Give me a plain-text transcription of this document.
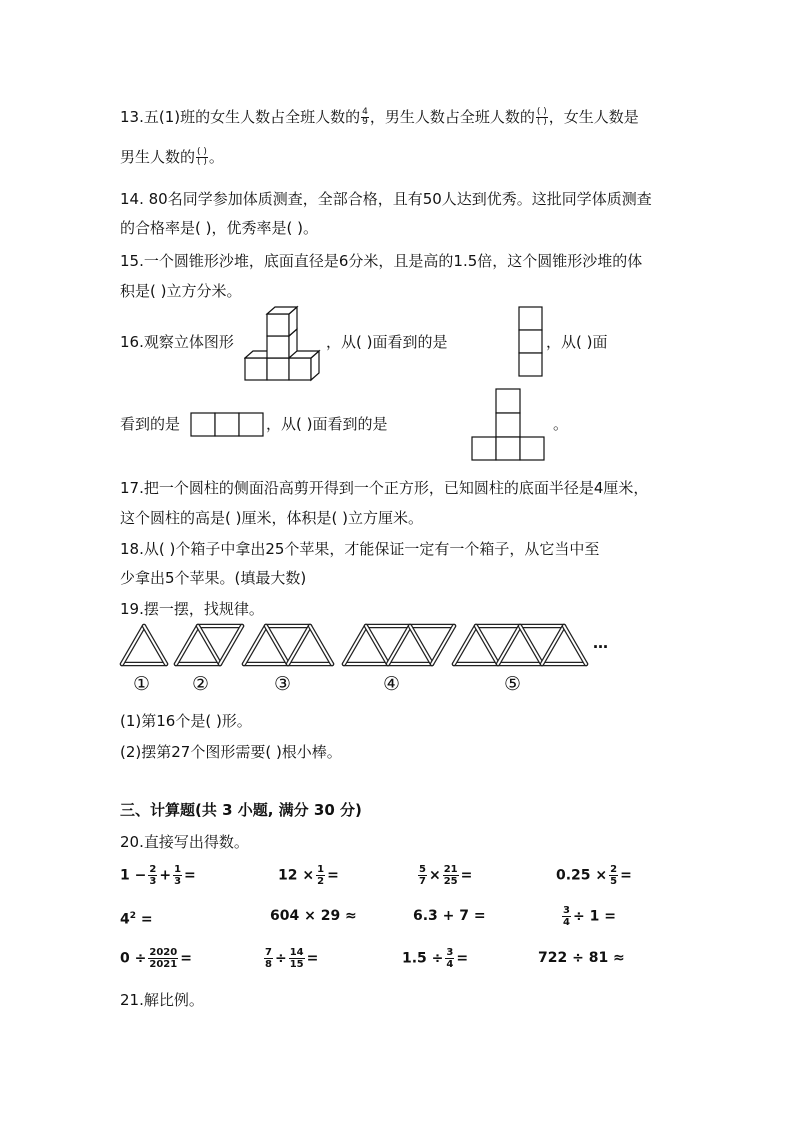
13.五(1)班的女生人数占全班人数的 $\frac{4}{9}$ ，男生人数占全班人数的 $\frac{( )}{( )}$ ，女生人数是
男生人数的 $\frac{( )}{( )}$ 。
14. 80名同学参加体质测查，全部合格，且有50人达到优秀。这批同学体质测查
的合格率是( )，优秀率是( )。
15.一个圆锥形沙堆，底面直径是6分米，且是高的1.5倍，这个圆锥形沙堆的体
积是( )立方分米。
16.观察立体图形	，从( )面看到的是	，从( )面
看到的是	，从( )面看到的是	。
17.把一个圆柱的侧面沿高剪开得到一个正方形，已知圆柱的底面半径是4厘米，
这个圆柱的高是( )厘米，体积是( )立方厘米。
18.从( )个箱子中拿出25个苹果，才能保证一定有一个箱子，从它当中至
少拿出5个苹果。(填最大数)
19.摆一摆，找规律。
① ②	③	④	⑤
…
(1)第16个是( )形。
(2)摆第27个图形需要( )根小棒。
三、计算题(共 3 小题, 满分 30 分)
20.直接写出得数。
$1 - \frac{2}{3} + \frac{1}{3}$ =	$12 \times \frac{1}{2}$ =	$\frac{5}{7} \times \frac{21}{25}$ =	$0.25 \times \frac{2}{5}$ =
$4^2$ =	604 × 29 ≈	6.3 + 7 =	$\frac{3}{4} \div 1$ =
$0 \div \frac{2020}{2021}$ =	$\frac{7}{8} \div \frac{14}{15}$ =	$1.5 \div \frac{3}{4}$ =	722 ÷ 81 ≈
21.解比例。
